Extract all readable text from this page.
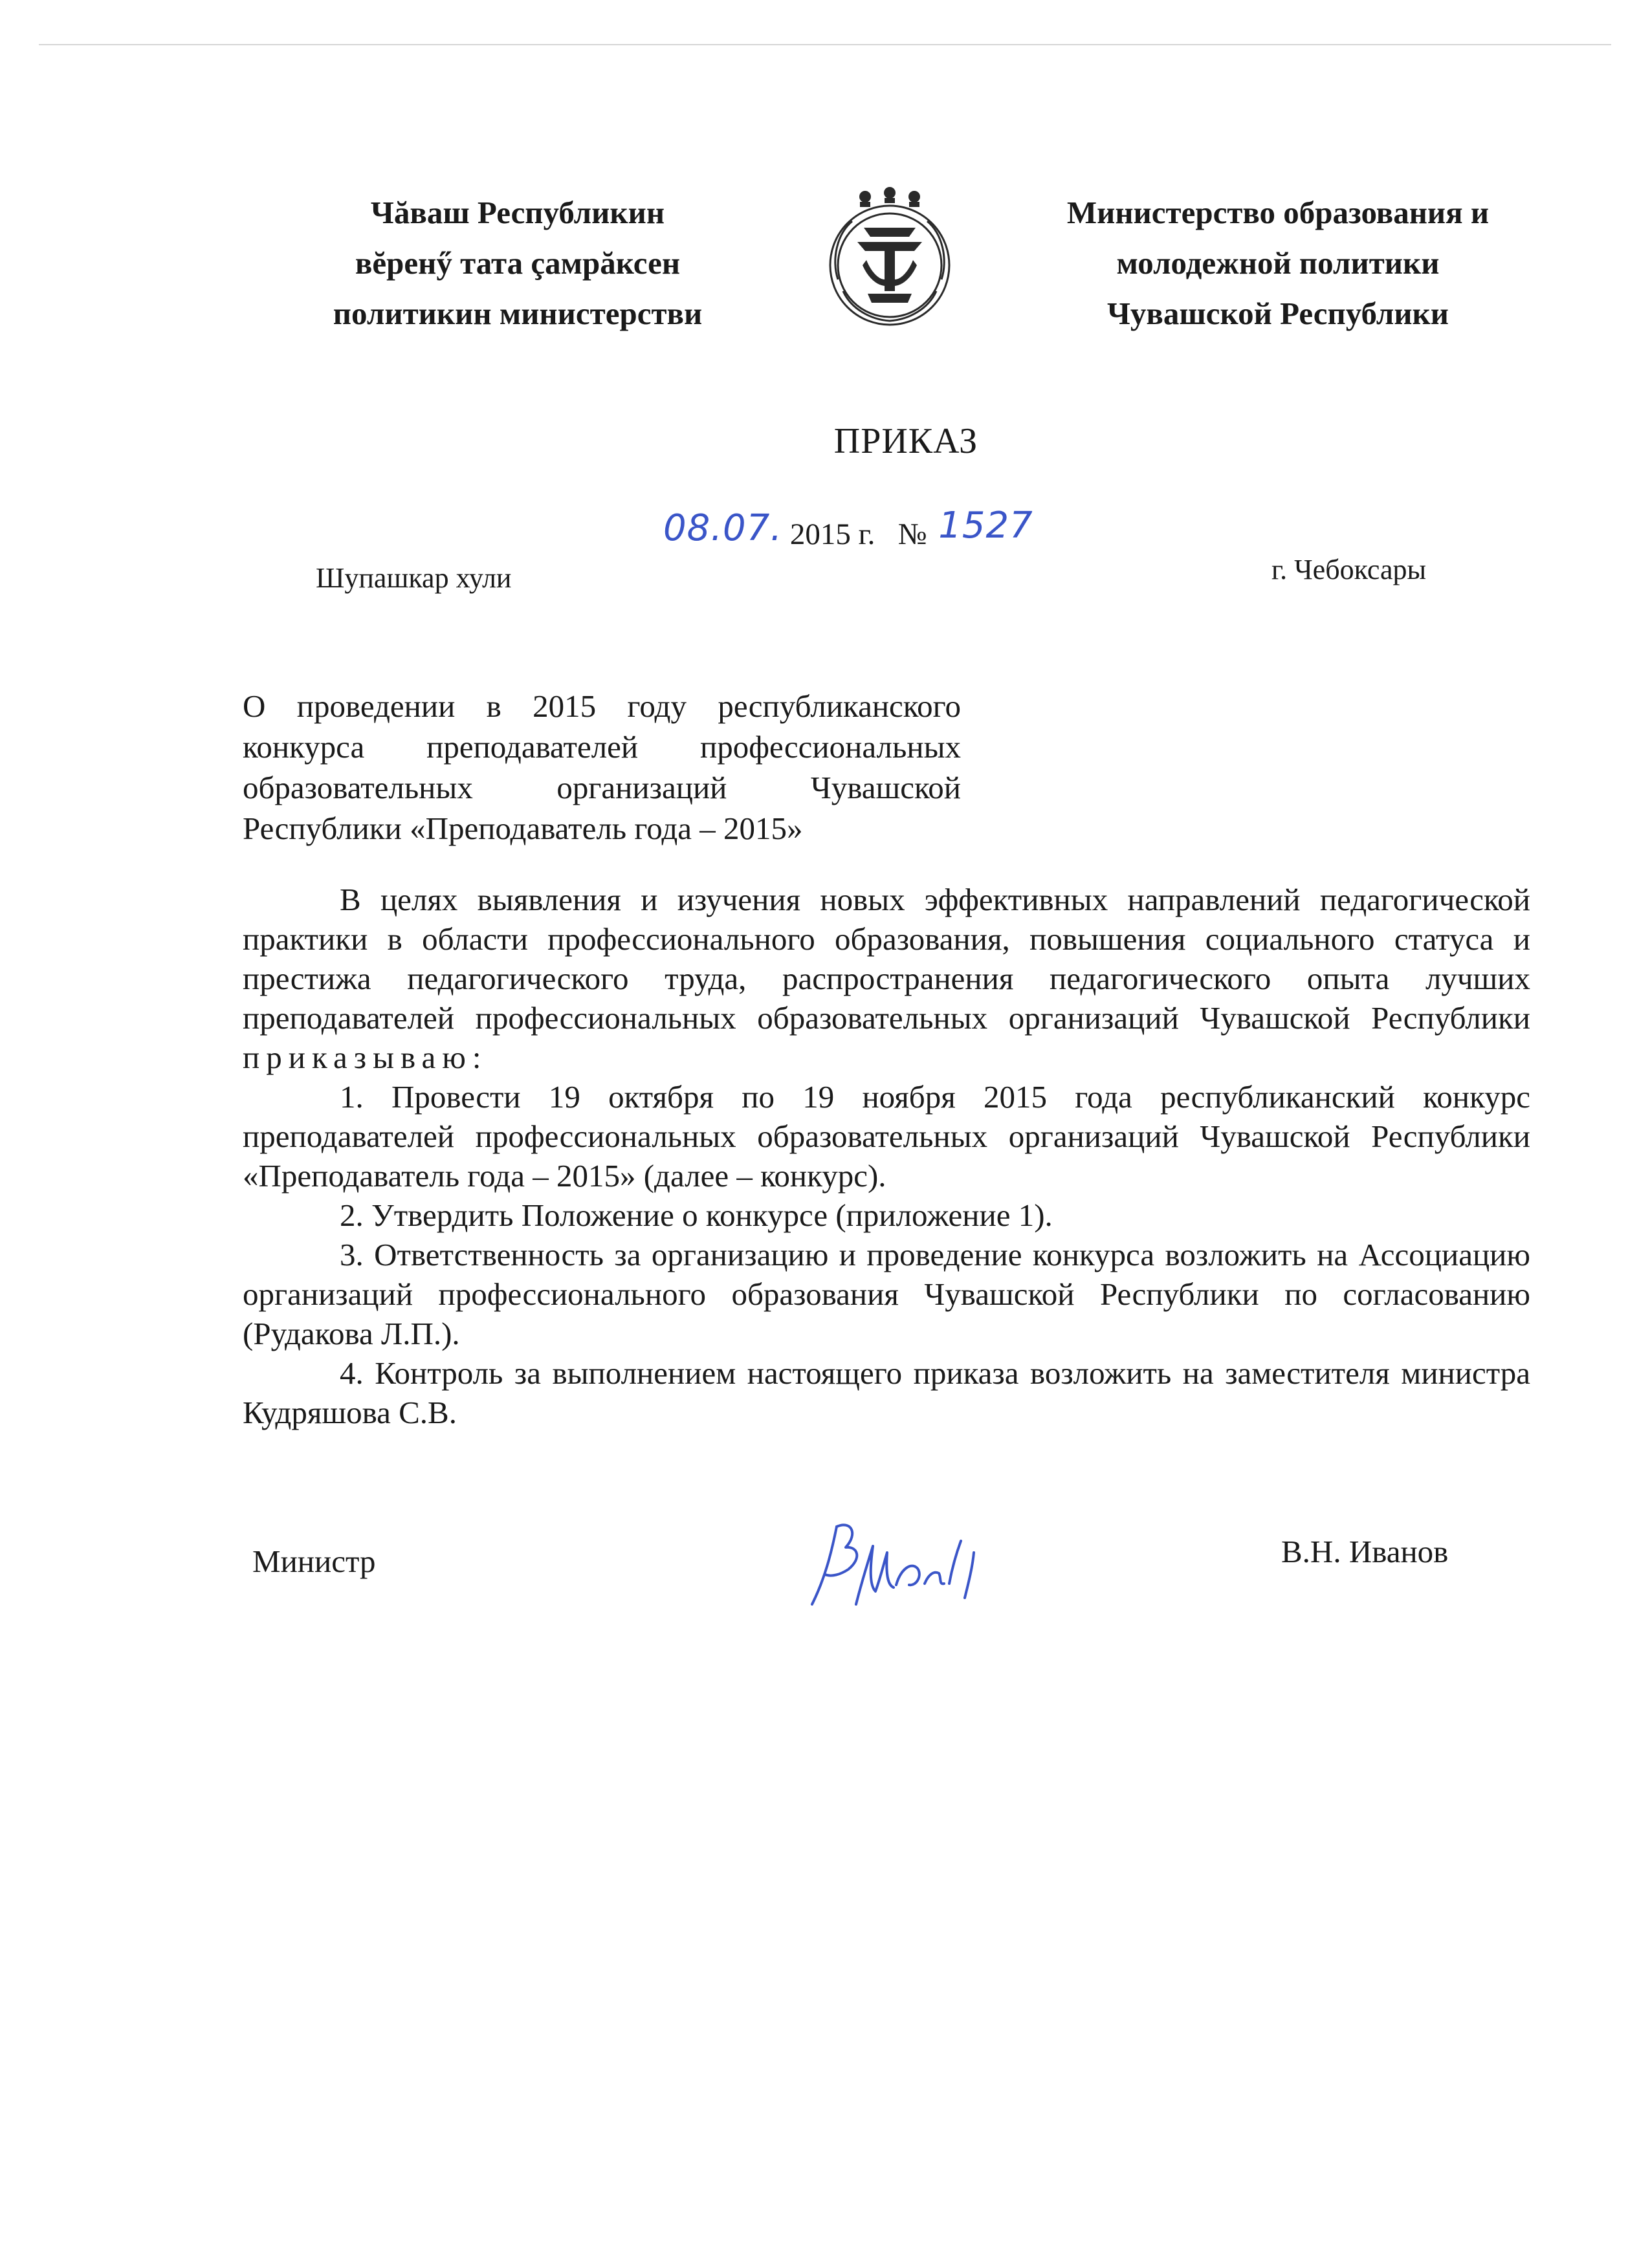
Чăваш Республикин
вĕренӳ тата çамрăксен
политикин министерстви
Министерство образования и
молодежной политики
Чувашской Республики
ПРИКАЗ
08.07. 2015 г. № 1527
Шупашкар хули	г. Чебоксары
О проведении в 2015 году республиканского конкурса преподавателей профессиональных образовательных организаций Чувашской Республики «Преподаватель года – 2015»

В целях выявления и изучения новых эффективных направлений педагогической практики в области профессионального образования, повышения социального статуса и престижа педагогического труда, распространения педагогического опыта лучших преподавателей профессиональных образовательных организаций Чувашской Республики приказываю:

1. Провести 19 октября по 19 ноября 2015 года республиканский конкурс преподавателей профессиональных образовательных организаций Чувашской Республики «Преподаватель года – 2015» (далее – конкурс).

2. Утвердить Положение о конкурсе (приложение 1).

3. Ответственность за организацию и проведение конкурса возложить на Ассоциацию организаций профессионального образования Чувашской Республики по согласованию (Рудакова Л.П.).

4. Контроль за выполнением настоящего приказа возложить на заместителя министра Кудряшова С.В.

Министр	В.Н. Иванов
